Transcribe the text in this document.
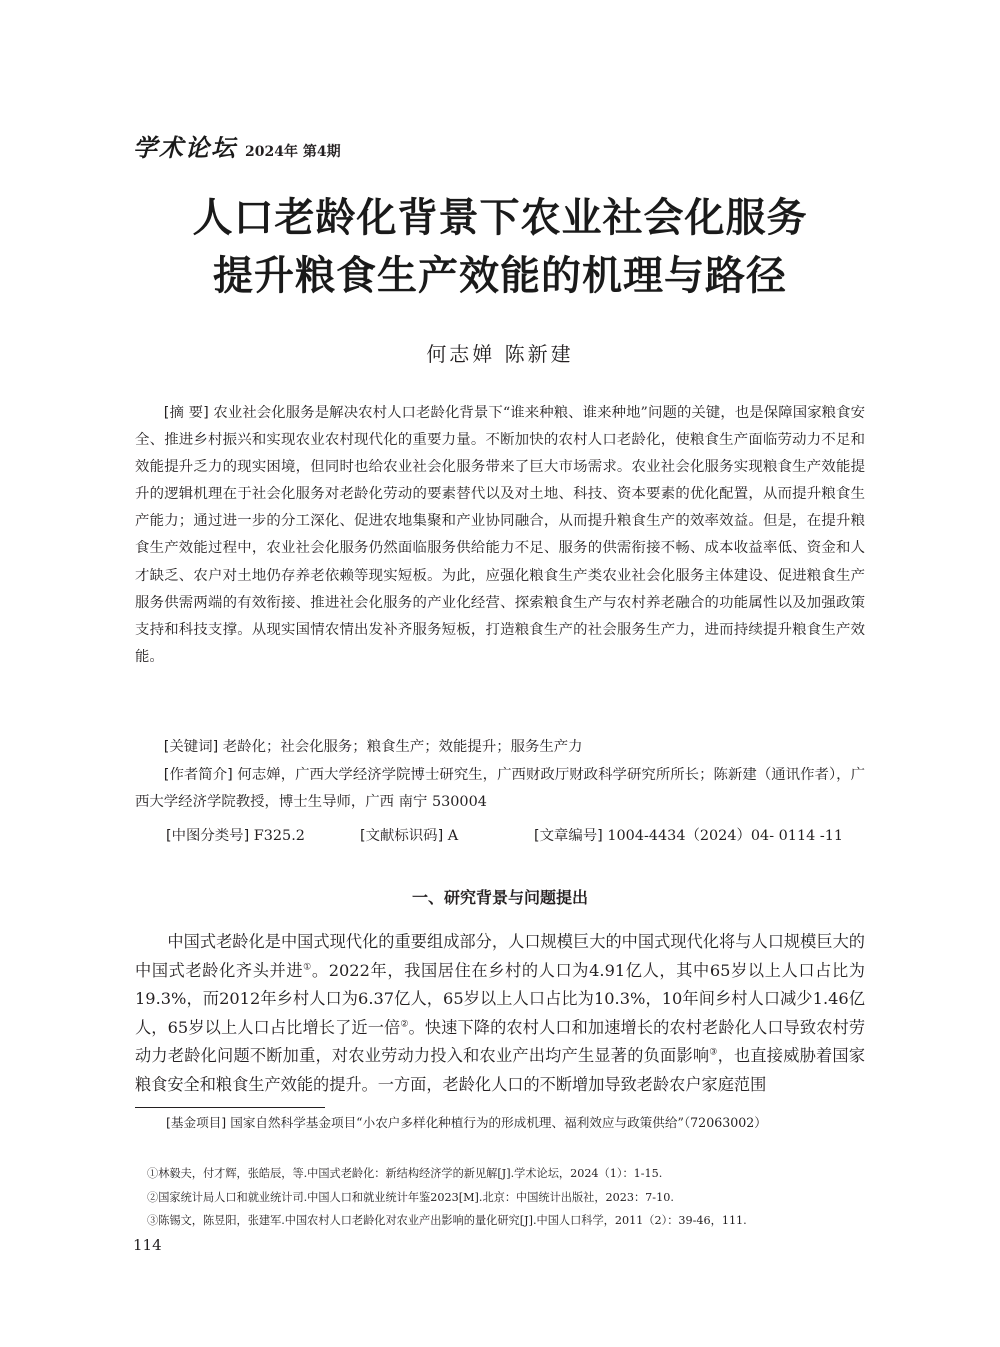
学术论坛 2024年 第4期
人口老龄化背景下农业社会化服务
提升粮食生产效能的机理与路径
何志婵 陈新建

[摘 要] 农业社会化服务是解决农村人口老龄化背景下“谁来种粮、谁来种地”问题的关键，也是保障国家粮食安全、推进乡村振兴和实现农业农村现代化的重要力量。不断加快的农村人口老龄化，使粮食生产面临劳动力不足和效能提升乏力的现实困境，但同时也给农业社会化服务带来了巨大市场需求。农业社会化服务实现粮食生产效能提升的逻辑机理在于社会化服务对老龄化劳动的要素替代以及对土地、科技、资本要素的优化配置，从而提升粮食生产能力；通过进一步的分工深化、促进农地集聚和产业协同融合，从而提升粮食生产的效率效益。但是，在提升粮食生产效能过程中，农业社会化服务仍然面临服务供给能力不足、服务的供需衔接不畅、成本收益率低、资金和人才缺乏、农户对土地仍存养老依赖等现实短板。为此，应强化粮食生产类农业社会化服务主体建设、促进粮食生产服务供需两端的有效衔接、推进社会化服务的产业化经营、探索粮食生产与农村养老融合的功能属性以及加强政策支持和科技支撑。从现实国情农情出发补齐服务短板，打造粮食生产的社会服务生产力，进而持续提升粮食生产效能。

[关键词] 老龄化；社会化服务；粮食生产；效能提升；服务生产力

[作者简介] 何志婵，广西大学经济学院博士研究生，广西财政厅财政科学研究所所长；陈新建（通讯作者），广西大学经济学院教授，博士生导师，广西 南宁 530004

[中图分类号] F325.2	[文献标识码] A	[文章编号] 1004-4434（2024）04- 0114 -11
一、研究背景与问题提出

中国式老龄化是中国式现代化的重要组成部分，人口规模巨大的中国式现代化将与人口规模巨大的中国式老龄化齐头并进①。2022年，我国居住在乡村的人口为4.91亿人，其中65岁以上人口占比为19.3%，而2012年乡村人口为6.37亿人，65岁以上人口占比为10.3%，10年间乡村人口减少1.46亿人，65岁以上人口占比增长了近一倍②。快速下降的农村人口和加速增长的农村老龄化人口导致农村劳动力老龄化问题不断加重，对农业劳动力投入和农业产出均产生显著的负面影响③，也直接威胁着国家粮食安全和粮食生产效能的提升。一方面，老龄化人口的不断增加导致老龄农户家庭范围

[基金项目] 国家自然科学基金项目“小农户多样化种植行为的形成机理、福利效应与政策供给”（72063002）
①林毅夫，付才辉，张皓辰，等.中国式老龄化：新结构经济学的新见解[J].学术论坛，2024（1）：1-15.
②国家统计局人口和就业统计司.中国人口和就业统计年鉴2023[M].北京：中国统计出版社，2023：7-10.
③陈锡文，陈昱阳，张建军.中国农村人口老龄化对农业产出影响的量化研究[J].中国人口科学，2011（2）：39-46，111.
114
